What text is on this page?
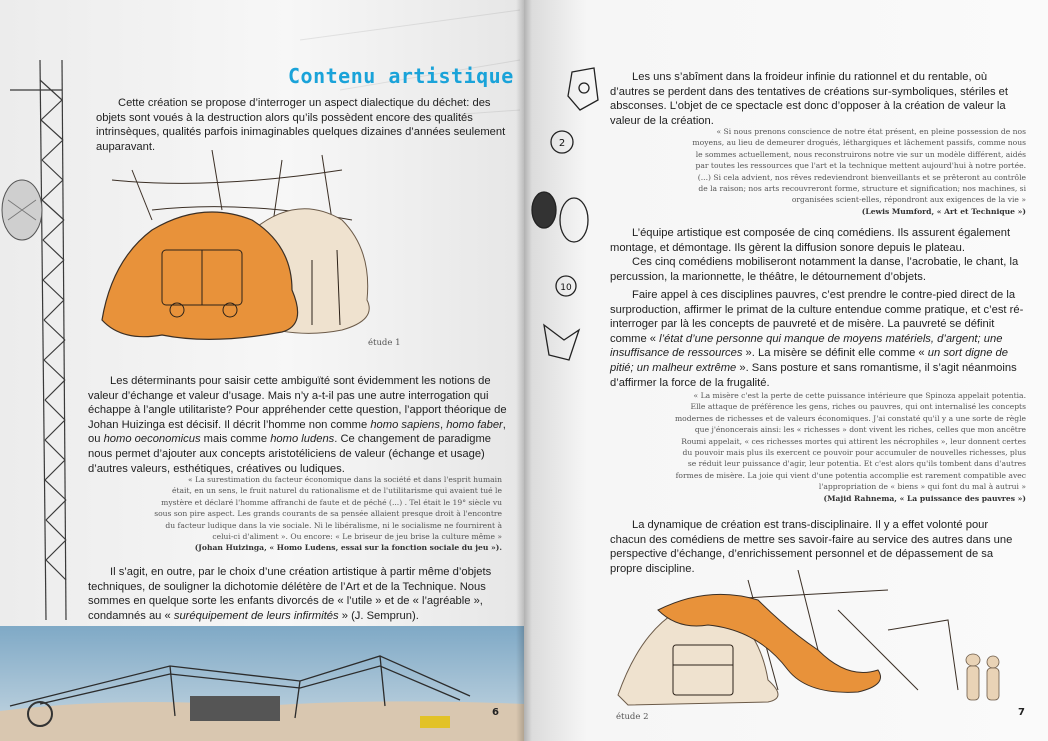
Contenu artistique

Cette création se propose d’interroger un aspect dialectique du déchet: des objets sont voués à la destruction alors qu’ils possèdent encore des qualités intrinsèques, qualités parfois inimaginables quelques dizaines d’années seulement auparavant.

étude 1

Les déterminants pour saisir cette ambiguïté sont évidemment les notions de valeur d’échange et valeur d’usage. Mais n’y a-t-il pas une autre interrogation qui échappe à l’angle utilitariste? Pour appréhender cette question, l’apport théorique de Johan Huizinga est décisif. Il décrit l’homme non comme homo sapiens, homo faber, ou homo oeconomicus mais comme homo ludens. Ce changement de paradigme nous permet d’ajouter aux concepts aristotéliciens de valeur (échange et usage) d’autres valeurs, esthétiques, créatives ou ludiques.

« La surestimation du facteur économique dans la société et dans l'esprit humain
était, en un sens, le fruit naturel du rationalisme et de l'utilitarisme qui avaient tué le
mystère et déclaré l'homme affranchi de faute et de péché (...) . Tel était le 19° siècle vu
sous son pire aspect. Les grands courants de sa pensée allaient presque droit à l'encontre
du facteur ludique dans la vie sociale. Ni le libéralisme, ni le socialisme ne fournirent à
celui-ci d'aliment ». Ou encore: « Le briseur de jeu brise la culture même »
(Johan Huizinga, « Homo Ludens, essai sur la fonction sociale du jeu »).

Il s’agit, en outre, par le choix d’une création artistique à partir même d’objets techniques, de souligner la dichotomie délétère de l’Art et de la Technique. Nous sommes en quelque sorte les enfants divorcés de « l’utile » et de « l’agréable », condamnés au « suréquipement de leurs infirmités » (J. Semprun).

6
2
10

Les uns s’abîment dans la froideur infinie du rationnel et du rentable, où d’autres se perdent dans des tentatives de créations sur-symboliques, stériles et absconses. L’objet de ce spectacle est donc d’opposer à la création de valeur la valeur de la création.

« Si nous prenons conscience de notre état présent, en pleine possession de nos
moyens, au lieu de demeurer drogués, léthargiques et lâchement passifs, comme nous
le sommes actuellement, nous reconstruirons notre vie sur un modèle différent, aidés
par toutes les ressources que l'art et la technique mettent aujourd'hui à notre portée.
(...) Si cela advient, nos rêves redeviendront bienveillants et se prêteront au contrôle
de la raison; nos arts recouvreront forme, structure et signification; nos machines, si
organisées scient-elles, répondront aux exigences de la vie »
(Lewis Mumford, « Art et Technique »)

L’équipe artistique est composée de cinq comédiens. Ils assurent également montage, et démontage. Ils gèrent la diffusion sonore depuis le plateau.

Ces cinq comédiens mobiliseront notamment la danse, l’acrobatie, le chant, la percussion, la marionnette, le théâtre, le détournement d’objets.

Faire appel à ces disciplines pauvres, c’est prendre le contre-pied direct de la surproduction, affirmer le primat de la culture entendue comme pratique, et c’est ré-interroger par là les concepts de pauvreté et de misère. La pauvreté se définit comme « l’état d’une personne qui manque de moyens matériels, d’argent; une insuffisance de ressources ». La misère se définit elle comme « un sort digne de pitié; un malheur extrême ». Sans posture et sans romantisme, il s’agit néanmoins d’affirmer la force de la frugalité.

« La misère c'est la perte de cette puissance intérieure que Spinoza appelait potentia.
Elle attaque de préférence les gens, riches ou pauvres, qui ont internalisé les concepts
modernes de richesses et de valeurs économiques. J'ai constaté qu'il y a une sorte de règle
que j'énoncerais ainsi: les « richesses » dont vivent les riches, celles que mon ancêtre
Roumi appelait, « ces richesses mortes qui attirent les nécrophiles », leur donnent certes
du pouvoir mais plus ils exercent ce pouvoir pour accumuler de nouvelles richesses, plus
se réduit leur puissance d'agir, leur potentia. Et c'est alors qu'ils tombent dans d'autres
formes de misère. La joie qui vient d'une potentia accomplie est rarement compatible avec
l'appropriation de « biens » qui font du mal à autrui »
(Majid Rahnema, « La puissance des pauvres »)

La dynamique de création est trans-disciplinaire. Il y a effet volonté pour chacun des comédiens de mettre ses savoir-faire au service des autres dans une perspective d’échange, d’enrichissement personnel et de dépassement de sa propre discipline.

étude 2	7
